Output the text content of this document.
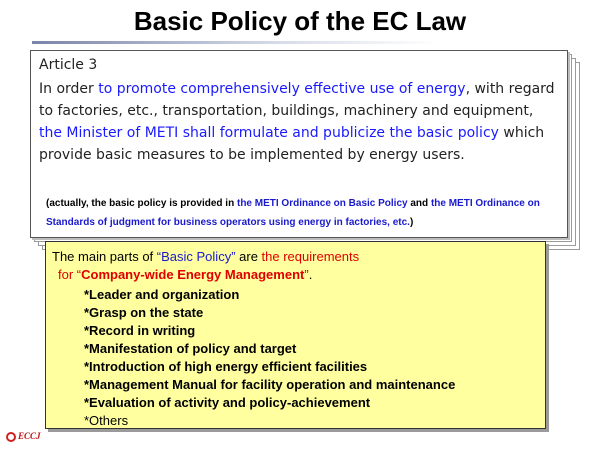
Basic Policy of the EC Law
Article 3
In order to promote comprehensively effective use of energy, with regard to factories, etc., transportation, buildings, machinery and equipment, the Minister of METI shall formulate and publicize the basic policy which provide basic measures to be implemented by energy users.
(actually, the basic policy is provided in the METI Ordinance on Basic Policy and the METI Ordinance on Standards of judgment for business operators using energy in factories, etc.)
The main parts of “Basic Policy” are the requirements
for “Company-wide Energy Management”.
*Leader and organization
*Grasp on the state
*Record in writing
*Manifestation of policy and target
*Introduction of high energy efficient facilities
*Management Manual for facility operation and maintenance
*Evaluation of activity and policy-achievement
*Others
ECCJ
